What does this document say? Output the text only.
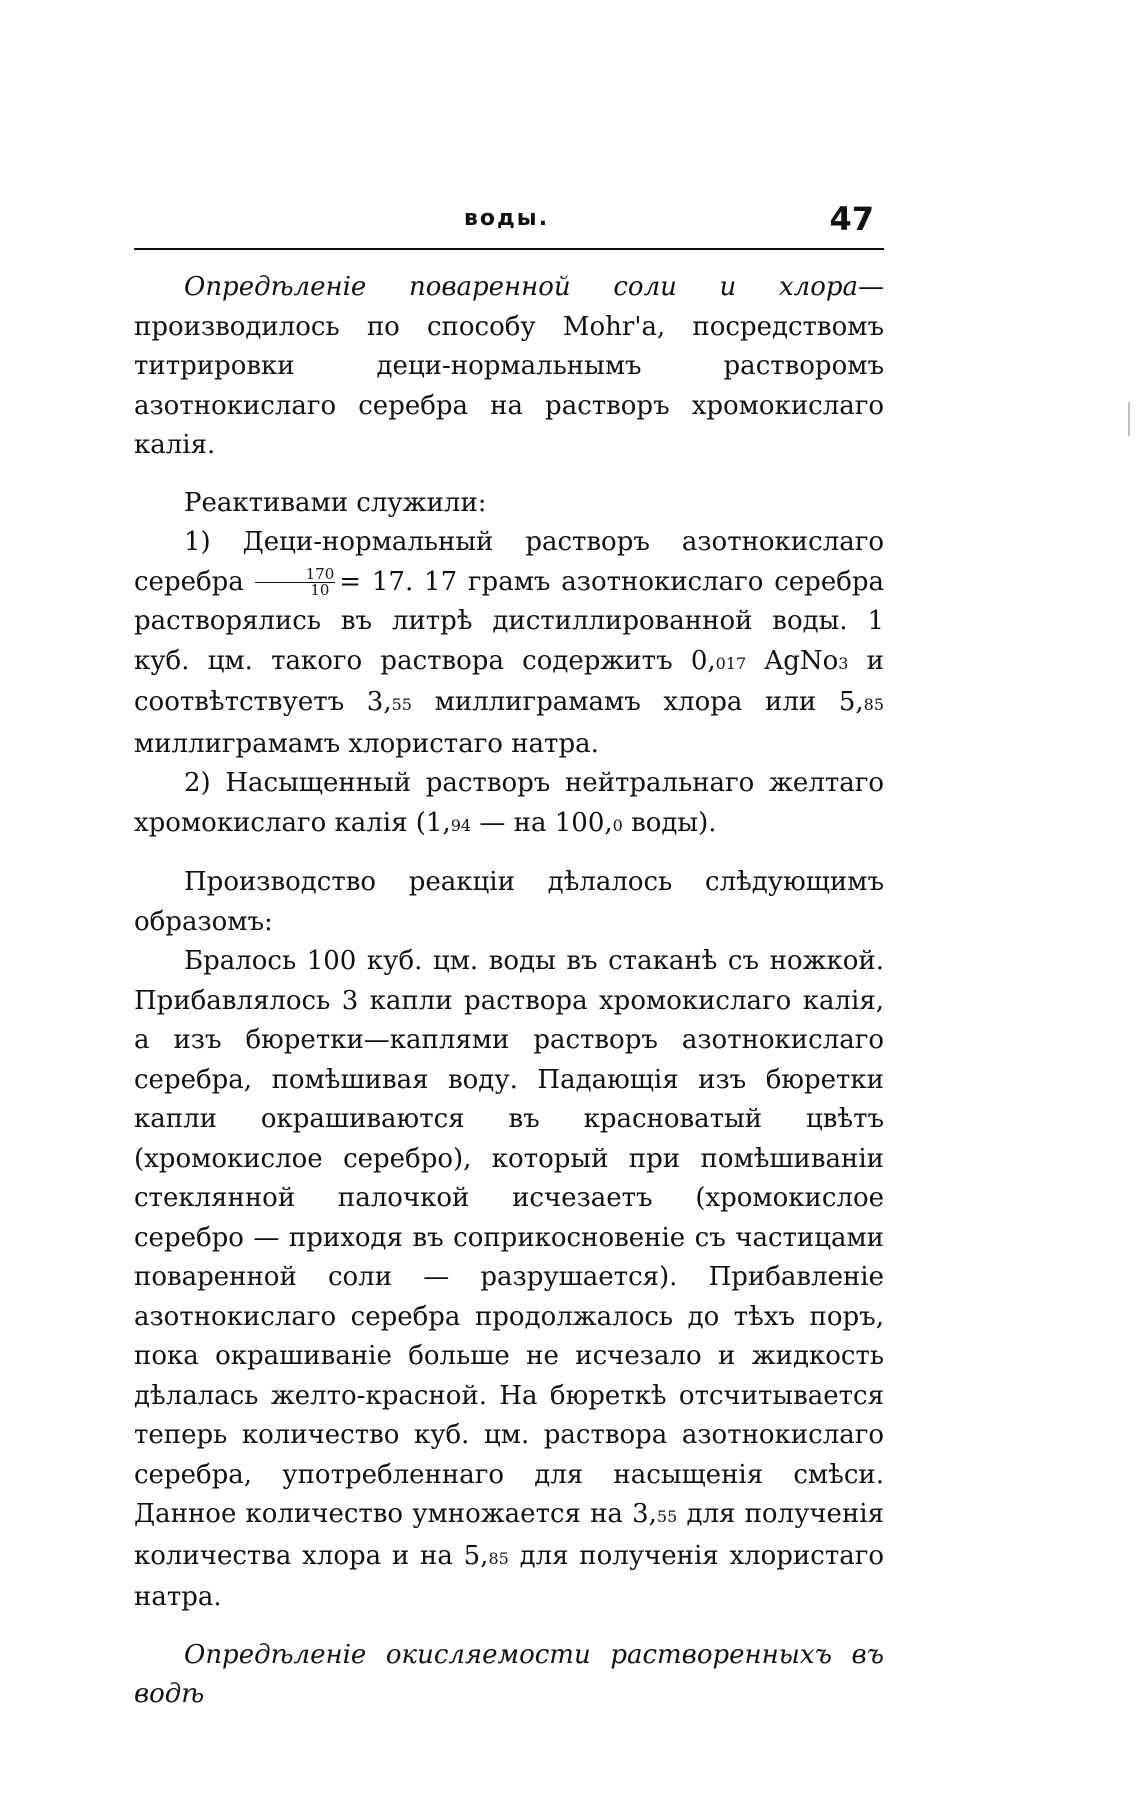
воды.	47

Опредѣленіе поваренной соли и хлора—производилось по способу Mohr'a, посредствомъ титрировки деци-нормальнымъ растворомъ азотнокислаго серебра на растворъ хромокислаго калія.

Реактивами служили:

1) Деци-нормальный растворъ азотнокислаго серебра $\frac{170}{10} = 17$. 17 грамъ азотнокислаго серебра растворялись въ литрѣ дистиллированной воды. 1 куб. цм. такого раствора содержитъ 0,017 AgNo3 и соотвѣтствуетъ 3,55 миллиграмамъ хлора или 5,85 миллиграмамъ хлористаго натра.

2) Насыщенный растворъ нейтральнаго желтаго хромокислаго калія (1,94 — на 100,0 воды).

Производство реакціи дѣлалось слѣдующимъ образомъ:

Бралось 100 куб. цм. воды въ стаканѣ съ ножкой. Прибавлялось 3 капли раствора хромокислаго калія, а изъ бюретки—каплями растворъ азотнокислаго серебра, помѣшивая воду. Падающія изъ бюретки капли окрашиваются въ красноватый цвѣтъ (хромокислое серебро), который при помѣшиваніи стеклянной палочкой исчезаетъ (хромокислое серебро — приходя въ соприкосновеніе съ частицами поваренной соли — разрушается). Прибавленіе азотнокислаго серебра продолжалось до тѣхъ поръ, пока окрашиваніе больше не исчезало и жидкость дѣлалась желто-красной. На бюреткѣ отсчитывается теперь количество куб. цм. раствора азотнокислаго серебра, употребленнаго для насыщенія смѣси. Данное количество умножается на 3,55 для полученія количества хлора и на 5,85 для полученія хлористаго натра.

Опредѣленіе окисляемости растворенныхъ въ водѣ
